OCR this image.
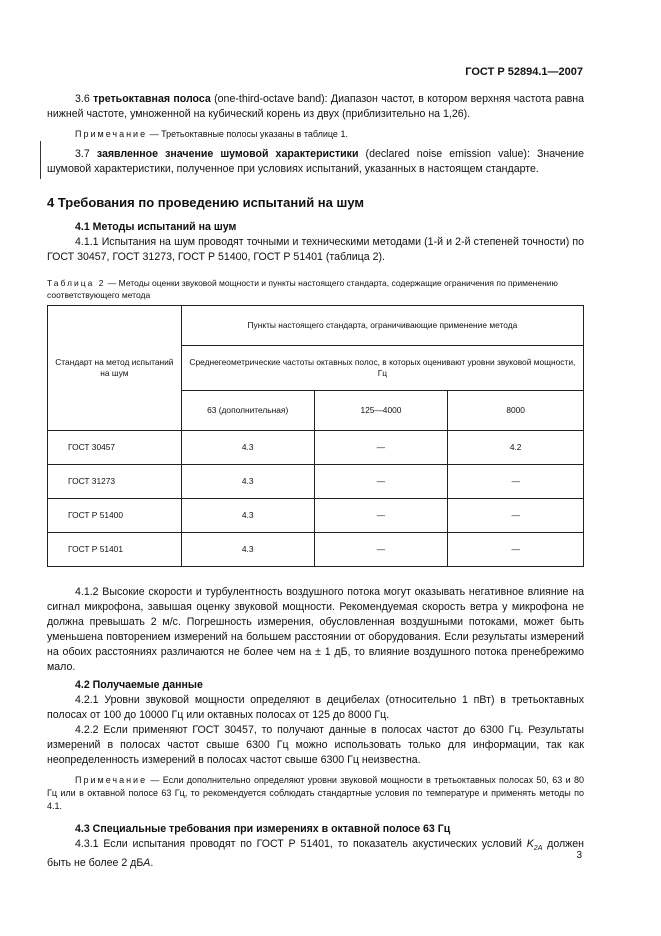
ГОСТ Р 52894.1—2007

3.6 третьоктавная полоса (one-third-octave band): Диапазон частот, в котором верхняя частота равна нижней частоте, умноженной на кубический корень из двух (приблизительно на 1,26).

Примечание — Третьоктавные полосы указаны в таблице 1.

3.7 заявленное значение шумовой характеристики (declared noise emission value): Значение шумовой характеристики, полученное при условиях испытаний, указанных в настоящем стандарте.

4 Требования по проведению испытаний на шум

4.1 Методы испытаний на шум

4.1.1 Испытания на шум проводят точными и техническими методами (1-й и 2-й степеней точности) по ГОСТ 30457, ГОСТ 31273, ГОСТ Р 51400, ГОСТ Р 51401 (таблица 2).

Таблица 2 — Методы оценки звуковой мощности и пункты настоящего стандарта, содержащие ограничения по применению соответствующего метода
Стандарт на метод испытаний на шум	Пункты настоящего стандарта, ограничивающие применение метода		
	Среднегеометрические частоты октавных полос, в которых оценивают уровни звуковой мощности, Гц		
	63 (дополнительная)	125—4000	8000
ГОСТ 30457	4.3	—	4.2
ГОСТ 31273	4.3	—	—
ГОСТ Р 51400	4.3	—	—
ГОСТ Р 51401	4.3	—	—

4.1.2 Высокие скорости и турбулентность воздушного потока могут оказывать негативное влияние на сигнал микрофона, завышая оценку звуковой мощности. Рекомендуемая скорость ветра у микрофона не должна превышать 2 м/с. Погрешность измерения, обусловленная воздушными потоками, может быть уменьшена повторением измерений на большем расстоянии от оборудования. Если результаты измерений на обоих расстояниях различаются не более чем на ± 1 дБ, то влияние воздушного потока пренебрежимо мало.

4.2 Получаемые данные

4.2.1 Уровни звуковой мощности определяют в децибелах (относительно 1 пВт) в третьоктавных полосах от 100 до 10000 Гц или октавных полосах от 125 до 8000 Гц.

4.2.2 Если применяют ГОСТ 30457, то получают данные в полосах частот до 6300 Гц. Результаты измерений в полосах частот свыше 6300 Гц можно использовать только для информации, так как неопределенность измерений в полосах частот свыше 6300 Гц неизвестна.

Примечание — Если дополнительно определяют уровни звуковой мощности в третьоктавных полосах 50, 63 и 80 Гц или в октавной полосе 63 Гц, то рекомендуется соблюдать стандартные условия по температуре и применять методы по 4.1.

4.3 Специальные требования при измерениях в октавной полосе 63 Гц

4.3.1 Если испытания проводят по ГОСТ Р 51401, то показатель акустических условий $K_{2A}$ должен быть не более 2 дБА.

3
